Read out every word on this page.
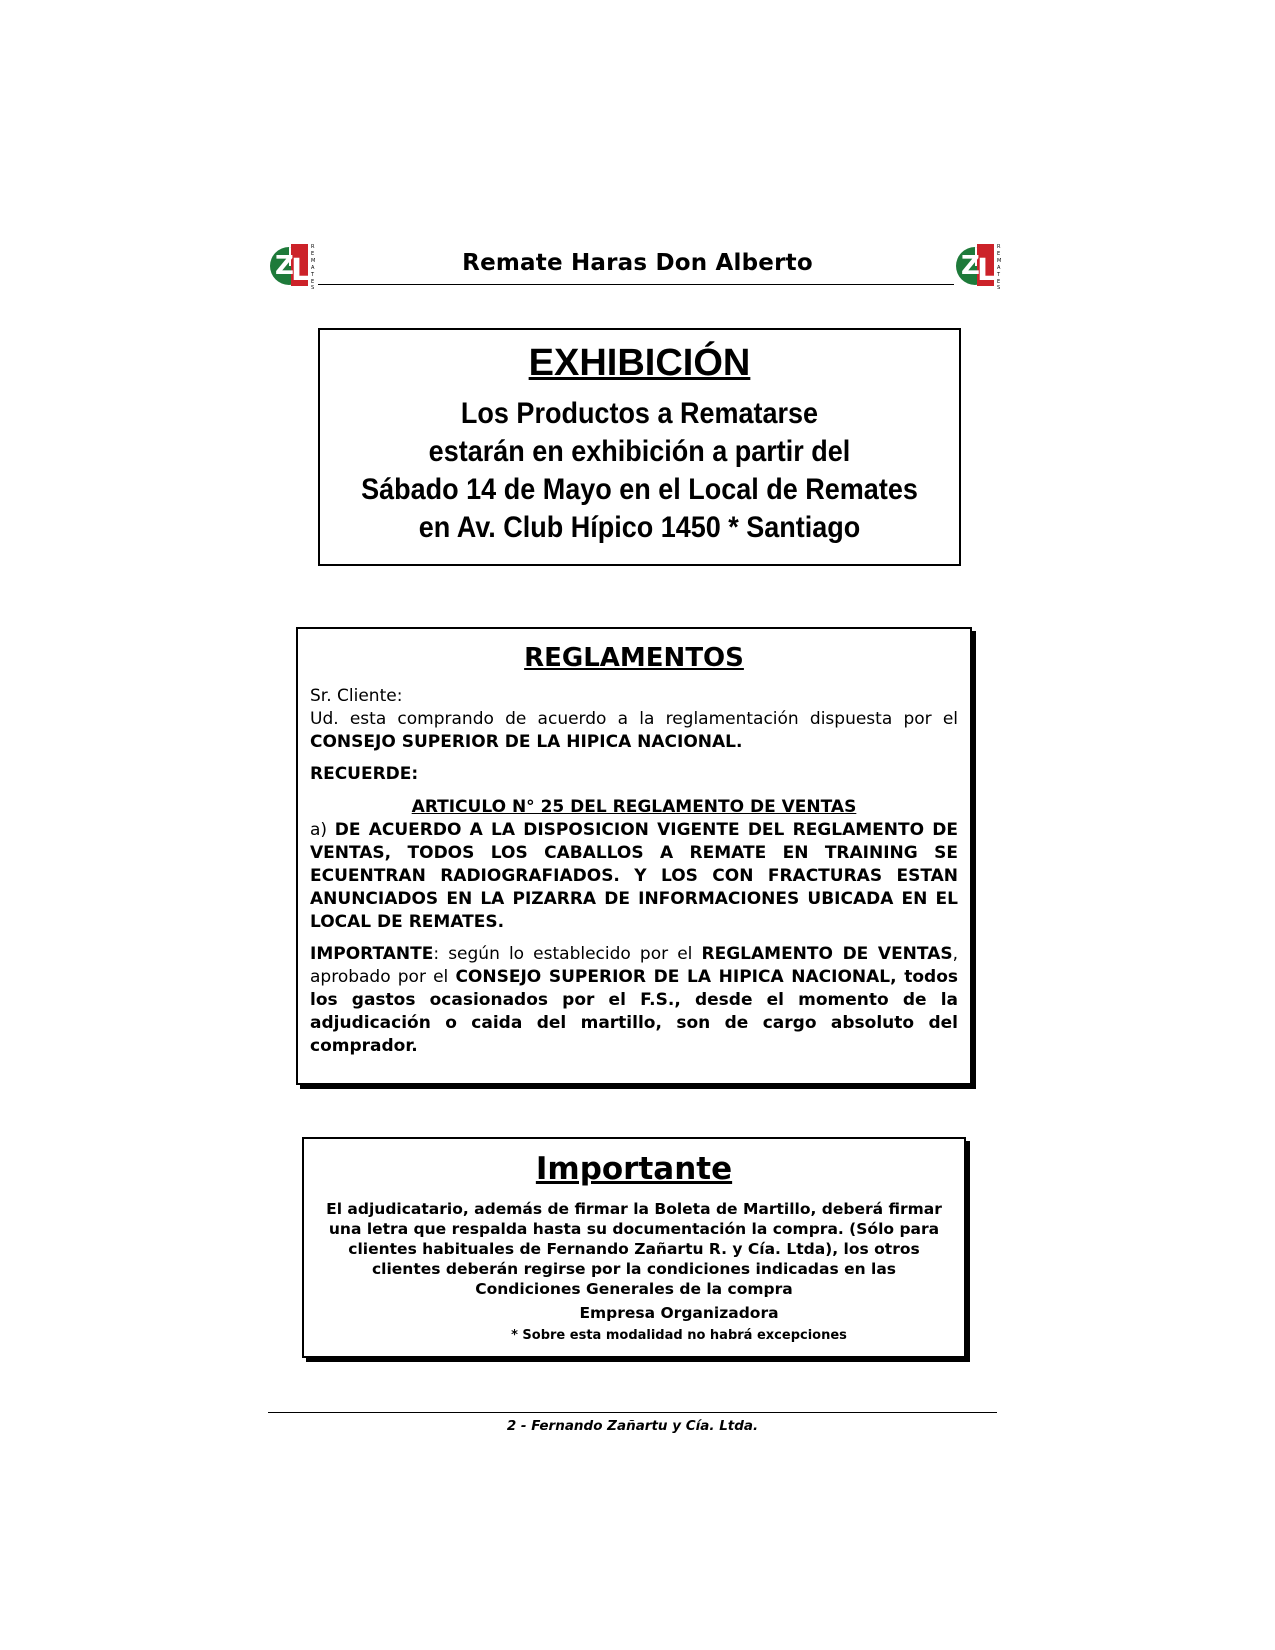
Z
L
R
E
M
A
T
E
S
Z
L
R
E
M
A
T
E
S
Remate Haras Don Alberto
EXHIBICIÓN
Los Productos a Rematarse
estarán en exhibición a partir del
Sábado 14 de Mayo en el Local de Remates
en Av. Club Hípico 1450 * Santiago
REGLAMENTOS

Sr. Cliente:

Ud. esta comprando de acuerdo a la reglamentación dispuesta por el CONSEJO SUPERIOR DE LA HIPICA NACIONAL.

RECUERDE:

ARTICULO N° 25 DEL REGLAMENTO DE VENTAS

a) DE ACUERDO A LA DISPOSICION VIGENTE DEL REGLAMENTO DE VENTAS, TODOS LOS CABALLOS A REMATE EN TRAINING SE ECUENTRAN RADIOGRAFIADOS. Y LOS CON FRACTURAS ESTAN ANUNCIADOS EN LA PIZARRA DE INFORMACIONES UBICADA EN EL LOCAL DE REMATES.

IMPORTANTE: según lo establecido por el REGLAMENTO DE VENTAS, aprobado por el CONSEJO SUPERIOR DE LA HIPICA NACIONAL, todos los gastos ocasionados por el F.S., desde el momento de la adjudicación o caida del martillo, son de cargo absoluto del comprador.

Importante
El adjudicatario, además de firmar la Boleta de Martillo, deberá firmar una letra que respalda hasta su documentación la compra. (Sólo para clientes habituales de Fernando Zañartu R. y Cía. Ltda), los otros clientes deberán regirse por la condiciones indicadas en las Condiciones Generales de la compra
Empresa Organizadora
* Sobre esta modalidad no habrá excepciones
2 - Fernando Zañartu y Cía. Ltda.
